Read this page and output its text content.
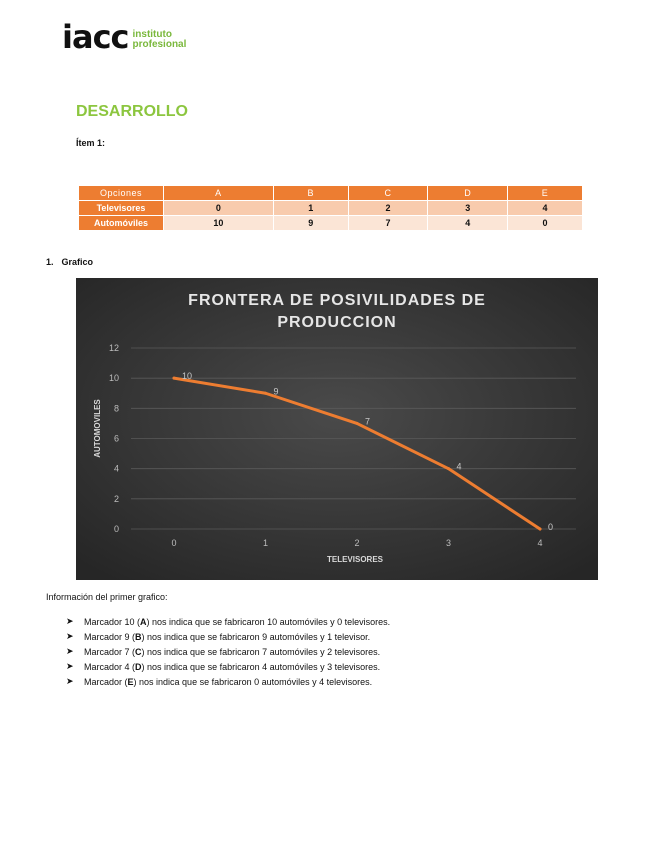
iacc instituto
profesional
DESARROLLO
Ítem 1:
Opciones	A	B	C	D	E
Televisores	0	1	2	3	4
Automóviles	10	9	7	4	0
1. Grafico
FRONTERA DE POSIVILIDADES DE PRODUCCION
0
2
4
6
8
10
12
0	1	2	3	4
TELEVISORES
AUTOMOVILES
10
9
7
4
0
Información del primer grafico:
➤	Marcador 10 ( A ) nos indica que se fabricaron 10 automóviles y 0 televisores.
➤	Marcador 9 ( B ) nos indica que se fabricaron 9 automóviles y 1 televisor.
➤	Marcador 7 ( C ) nos indica que se fabricaron 7 automóviles y 2 televisores.
➤	Marcador 4 ( D ) nos indica que se fabricaron 4 automóviles y 3 televisores.
➤	Marcador ( E ) nos indica que se fabricaron 0 automóviles y 4 televisores.
